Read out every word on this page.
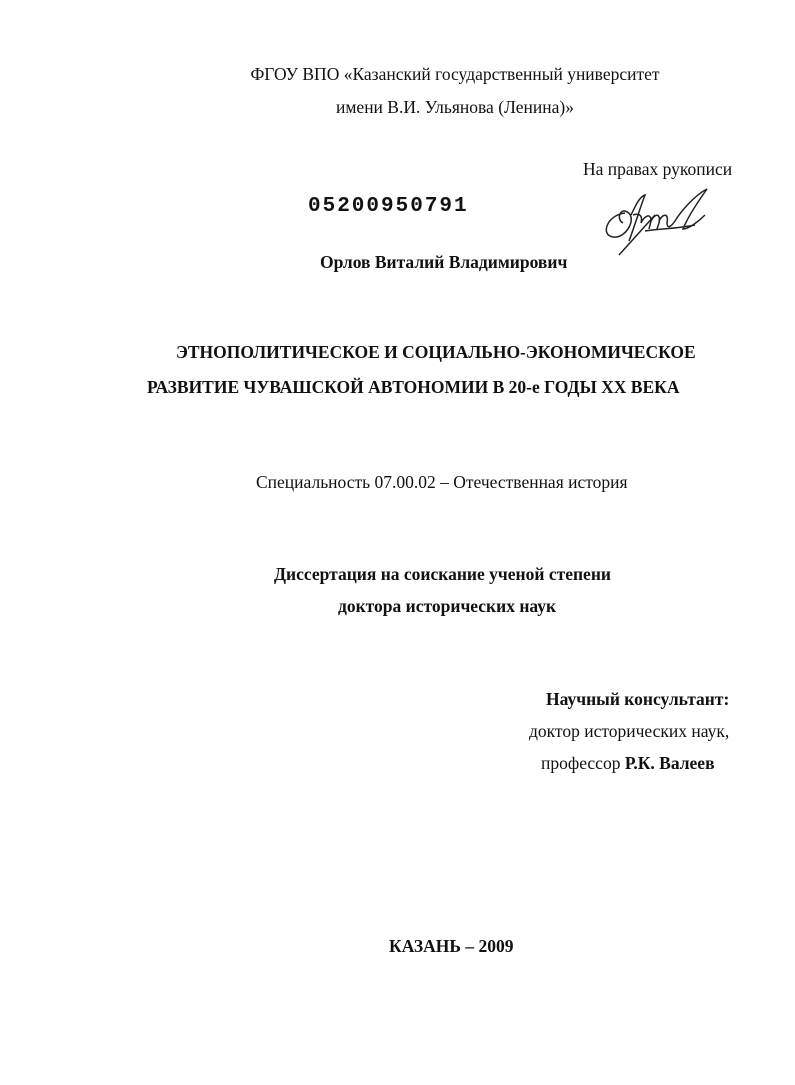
ФГОУ ВПО «Казанский государственный университет
имени В.И. Ульянова (Ленина)»
На правах рукописи
05200950791
Орлов Виталий Владимирович
ЭТНОПОЛИТИЧЕСКОЕ И СОЦИАЛЬНО-ЭКОНОМИЧЕСКОЕ
РАЗВИТИЕ ЧУВАШСКОЙ АВТОНОМИИ В 20-е ГОДЫ XX ВЕКА
Специальность 07.00.02 – Отечественная история
Диссертация на соискание ученой степени
доктора исторических наук
Научный консультант:
доктор исторических наук,
профессор Р.К. Валеев
КАЗАНЬ – 2009
